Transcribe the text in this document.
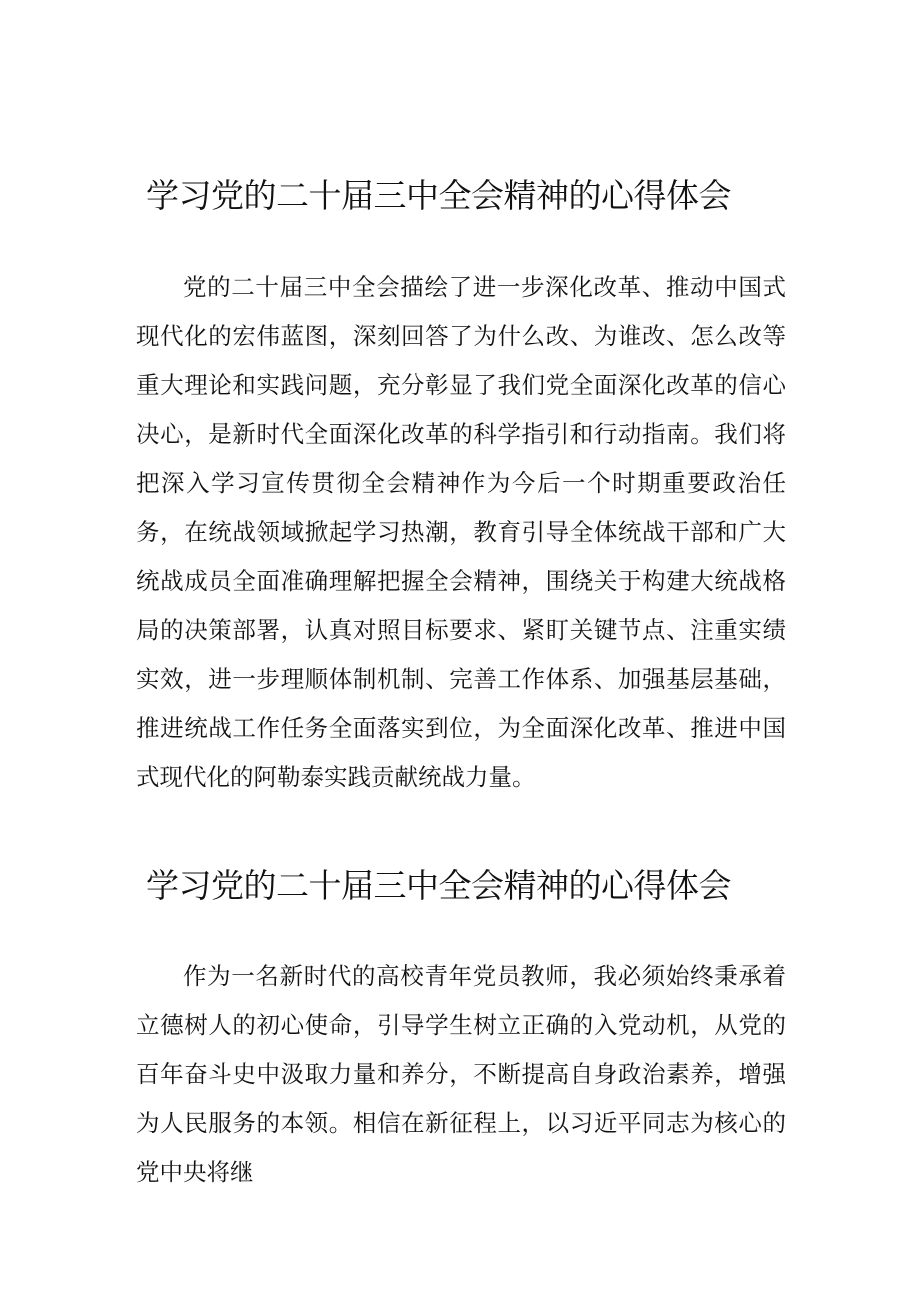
学习党的二十届三中全会精神的心得体会

党的二十届三中全会描绘了进一步深化改革、推动中国式现代化的宏伟蓝图，深刻回答了为什么改、为谁改、怎么改等重大理论和实践问题，充分彰显了我们党全面深化改革的信心决心，是新时代全面深化改革的科学指引和行动指南。我们将把深入学习宣传贯彻全会精神作为今后一个时期重要政治任务，在统战领域掀起学习热潮，教育引导全体统战干部和广大统战成员全面准确理解把握全会精神，围绕关于构建大统战格局的决策部署，认真对照目标要求、紧盯关键节点、注重实绩实效，进一步理顺体制机制、完善工作体系、加强基层基础，推进统战工作任务全面落实到位，为全面深化改革、推进中国式现代化的阿勒泰实践贡献统战力量。

学习党的二十届三中全会精神的心得体会

作为一名新时代的高校青年党员教师，我必须始终秉承着立德树人的初心使命，引导学生树立正确的入党动机，从党的百年奋斗史中汲取力量和养分，不断提高自身政治素养，增强为人民服务的本领。相信在新征程上，以习近平同志为核心的党中央将继
